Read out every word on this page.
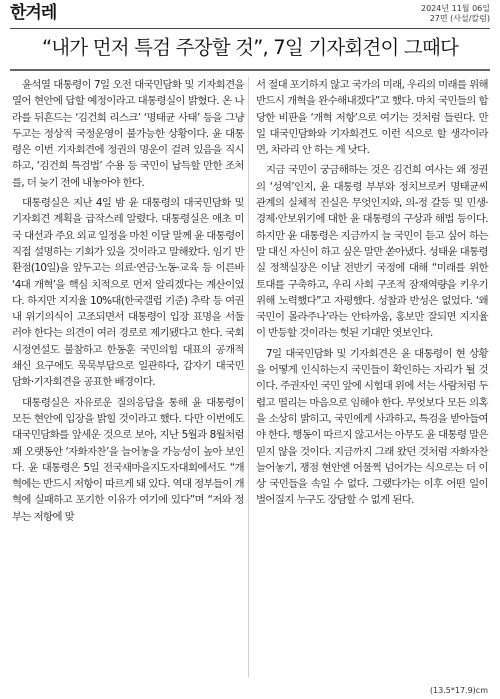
한겨레	2024년 11월 06일
27면 (사설/칼럼)
“내가 먼저 특검 주장할 것”, 7일 기자회견이 그때다

윤석열 대통령이 7일 오전 대국민담화 및 기자회견을 열어 현안에 답할 예정이라고 대통령실이 밝혔다. 온 나라를 뒤흔드는 ‘김건희 리스크’ ‘명태균 사태’ 등을 그냥 두고는 정상적 국정운영이 불가능한 상황이다. 윤 대통령은 이번 기자회견에 정권의 명운이 걸려 있음을 직시하고, ‘김건희 특검법’ 수용 등 국민이 납득할 만한 조처를, 더 늦기 전에 내놓아야 한다.

대통령실은 지난 4일 밤 윤 대통령의 대국민담화 및 기자회견 계획을 급작스레 알렸다. 대통령실은 애초 미국 대선과 주요 외교 일정을 마친 이달 말께 윤 대통령이 직접 설명하는 기회가 있을 것이라고 말해왔다. 임기 반환점(10일)을 앞두고는 의료·연금·노동·교육 등 이른바 ‘4대 개혁’을 핵심 치적으로 먼저 알리겠다는 계산이었다. 하지만 지지율 10%대(한국갤럽 기준) 추락 등 여권 내 위기의식이 고조되면서 대통령이 입장 표명을 서둘러야 한다는 의견이 여러 경로로 제기됐다고 한다. 국회 시정연설도 불참하고 한동훈 국민의힘 대표의 공개적 쇄신 요구에도 묵묵부답으로 일관하다, 갑자기 대국민담화·기자회견을 공표한 배경이다.

대통령실은 자유로운 질의응답을 통해 윤 대통령이 모든 현안에 입장을 밝힐 것이라고 했다. 다만 이번에도 대국민담화를 앞세운 것으로 보아, 지난 5월과 8월처럼 꽤 오랫동안 ‘자화자찬’을 늘어놓을 가능성이 높아 보인다. 윤 대통령은 5일 전국새마을지도자대회에서도 “개혁에는 반드시 저항이 따르게 돼 있다. 역대 정부들이 개혁에 실패하고 포기한 이유가 여기에 있다”며 “저와 정부는 저항에 맞

서 절대 포기하지 않고 국가의 미래, 우리의 미래를 위해 반드시 개혁을 완수해내겠다”고 했다. 마치 국민들의 합당한 비판을 ‘개혁 저항’으로 여기는 것처럼 들린다. 만일 대국민담화와 기자회견도 이런 식으로 할 생각이라면, 차라리 안 하는 게 낫다.

지금 국민이 궁금해하는 것은 김건희 여사는 왜 정권의 ‘성역’인지, 윤 대통령 부부와 정치브로커 명태균씨 관계의 실체적 진실은 무엇인지와, 의-정 갈등 및 민생·경제·안보위기에 대한 윤 대통령의 구상과 해법 등이다. 하지만 윤 대통령은 지금까지 늘 국민이 듣고 싶어 하는 말 대신 자신이 하고 싶은 말만 쏟아냈다. 성태윤 대통령실 정책실장은 이날 전반기 국정에 대해 “미래를 위한 토대를 구축하고, 우리 사회 구조적 잠재역량을 키우기 위해 노력했다”고 자평했다. 성찰과 반성은 없었다. ‘왜 국민이 몰라주나’라는 안타까움, 홍보만 잘되면 지지율이 반등할 것이라는 헛된 기대만 엿보인다.

7일 대국민담화 및 기자회견은 윤 대통령이 현 상황을 어떻게 인식하는지 국민들이 확인하는 자리가 될 것이다. 주권자인 국민 앞에 시험대 위에 서는 사람처럼 두렵고 떨리는 마음으로 임해야 한다. 무엇보다 모든 의혹을 소상히 밝히고, 국민에게 사과하고, 특검을 받아들여야 한다. 행동이 따르지 않고서는 아무도 윤 대통령 말은 믿지 않을 것이다. 지금까지 그래 왔던 것처럼 자화자찬 늘어놓기, 쟁점 현안엔 어물쩍 넘어가는 식으로는 더 이상 국민들을 속일 수 없다. 그랬다가는 이후 어떤 일이 벌어질지 누구도 장담할 수 없게 된다.

(13.5*17.9)cm
